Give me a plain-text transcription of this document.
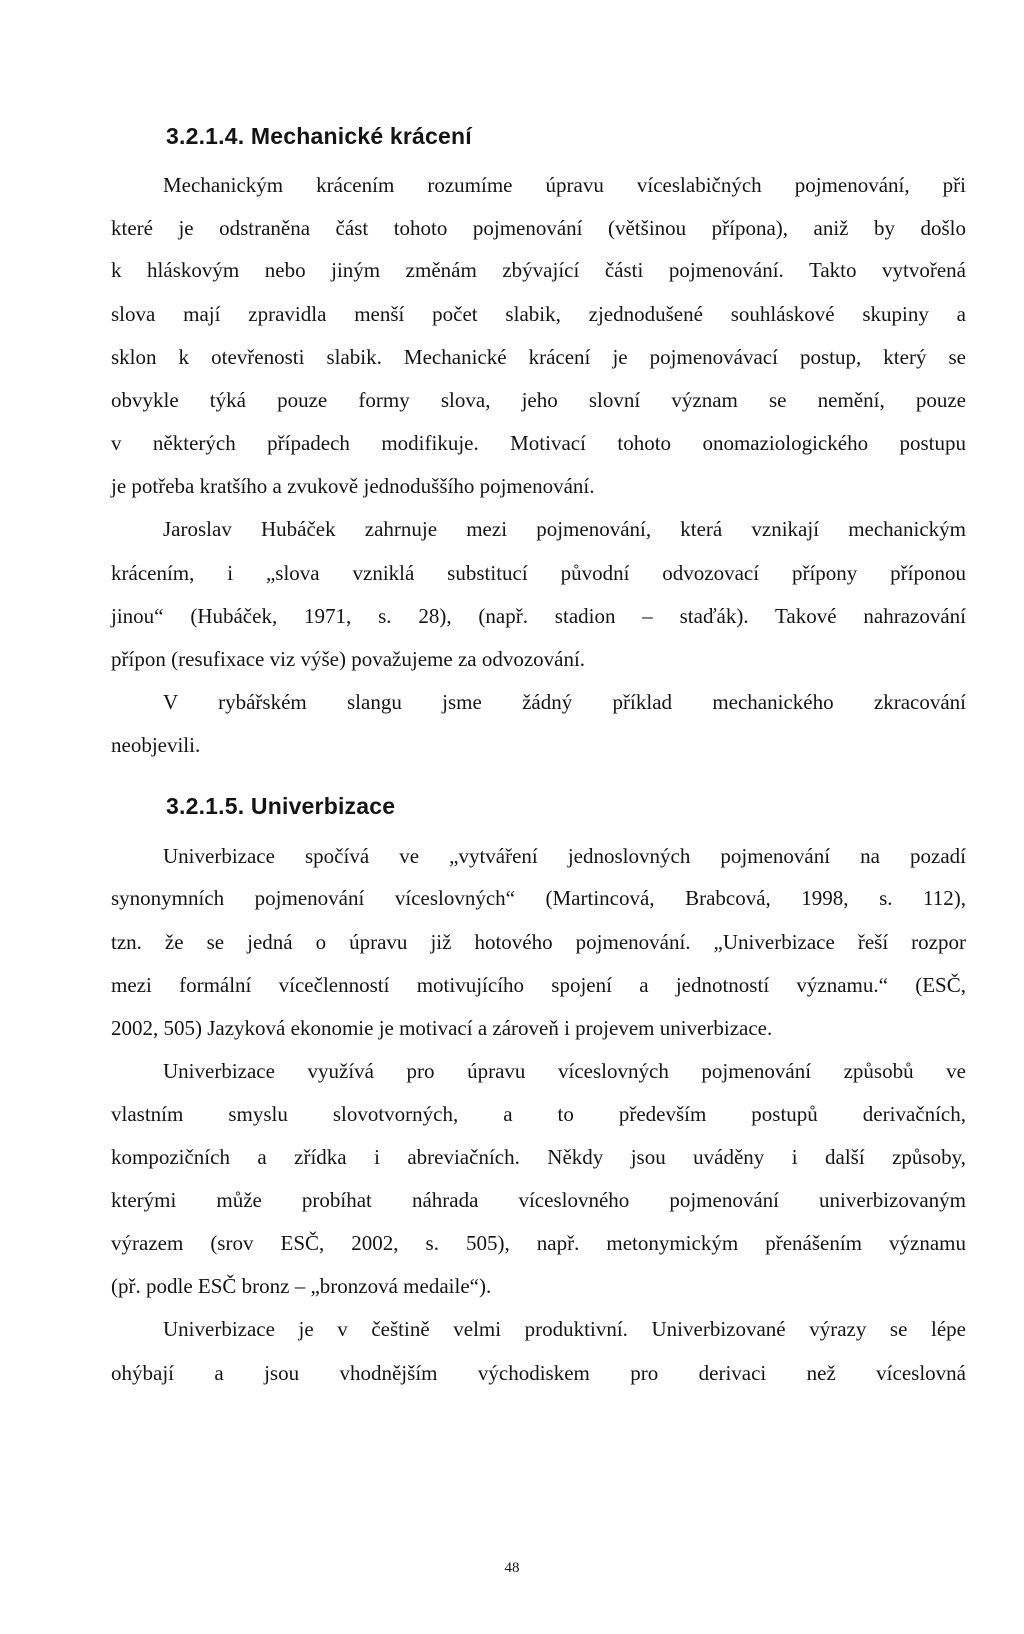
3.2.1.4. Mechanické krácení
Mechanickým krácením rozumíme úpravu víceslabičných pojmenování, při
které je odstraněna část tohoto pojmenování (většinou přípona), aniž by došlo
k hláskovým nebo jiným změnám zbývající části pojmenování. Takto vytvořená
slova mají zpravidla menší počet slabik, zjednodušené souhláskové skupiny a
sklon k otevřenosti slabik. Mechanické krácení je pojmenovávací postup, který se
obvykle týká pouze formy slova, jeho slovní význam se nemění, pouze
v některých případech modifikuje. Motivací tohoto onomaziologického postupu
je potřeba kratšího a zvukově jednoduššího pojmenování.
Jaroslav Hubáček zahrnuje mezi pojmenování, která vznikají mechanickým
krácením, i „slova vzniklá substitucí původní odvozovací přípony příponou
jinou“ (Hubáček, 1971, s. 28), (např. stadion – staďák). Takové nahrazování
přípon (resufixace viz výše) považujeme za odvozování.
V rybářském slangu jsme žádný příklad mechanického zkracování
neobjevili.
3.2.1.5. Univerbizace
Univerbizace spočívá ve „vytváření jednoslovných pojmenování na pozadí
synonymních pojmenování víceslovných“ (Martincová, Brabcová, 1998, s. 112),
tzn. že se jedná o úpravu již hotového pojmenování. „Univerbizace řeší rozpor
mezi formální vícečlenností motivujícího spojení a jednotností významu.“ (ESČ,
2002, 505) Jazyková ekonomie je motivací a zároveň i projevem univerbizace.
Univerbizace využívá pro úpravu víceslovných pojmenování způsobů ve
vlastním smyslu slovotvorných, a to především postupů derivačních,
kompozičních a zřídka i abreviačních. Někdy jsou uváděny i další způsoby,
kterými může probíhat náhrada víceslovného pojmenování univerbizovaným
výrazem (srov ESČ, 2002, s. 505), např. metonymickým přenášením významu
(př. podle ESČ bronz – „bronzová medaile“).
Univerbizace je v češtině velmi produktivní. Univerbizované výrazy se lépe
ohýbají a jsou vhodnějším východiskem pro derivaci než víceslovná
48
